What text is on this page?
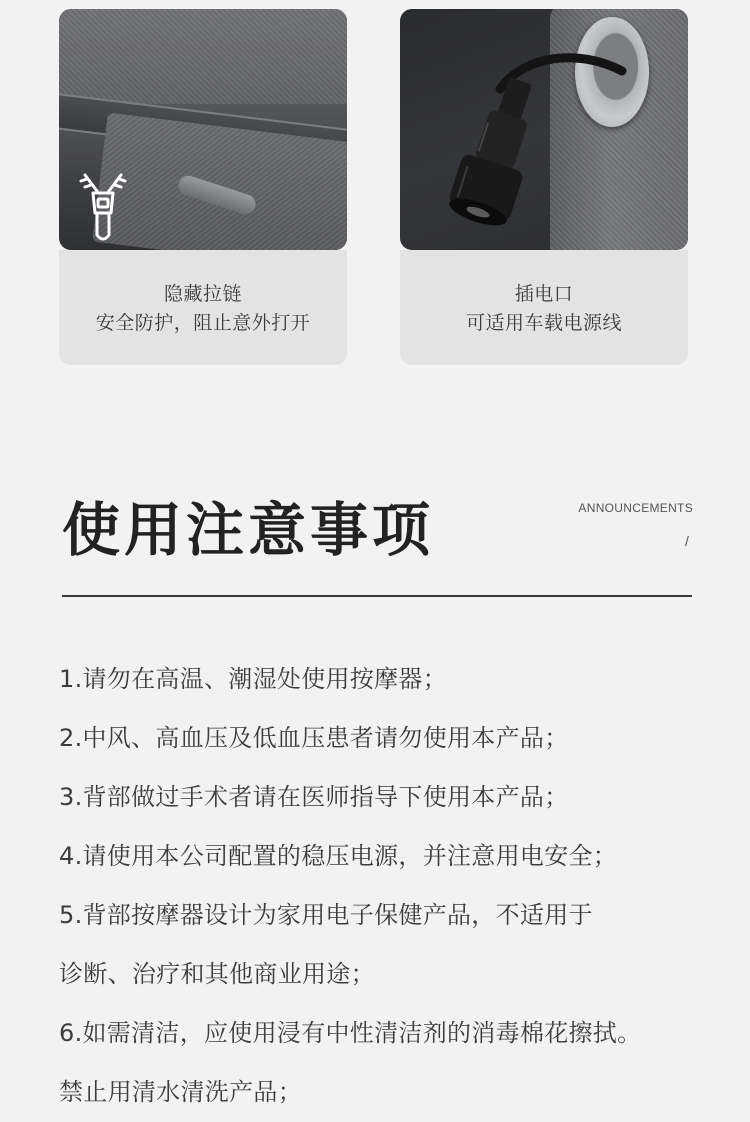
隐藏拉链
安全防护，阻止意外打开
插电口
可适用车载电源线
使用注意事项	ANNOUNCEMENTS
/
1.请勿在高温、潮湿处使用按摩器；
2.中风、高血压及低血压患者请勿使用本产品；
3.背部做过手术者请在医师指导下使用本产品；
4.请使用本公司配置的稳压电源，并注意用电安全；
5.背部按摩器设计为家用电子保健产品，不适用于
诊断、治疗和其他商业用途；
6.如需清洁，应使用浸有中性清洁剂的消毒棉花擦拭。
禁止用清水清洗产品；
